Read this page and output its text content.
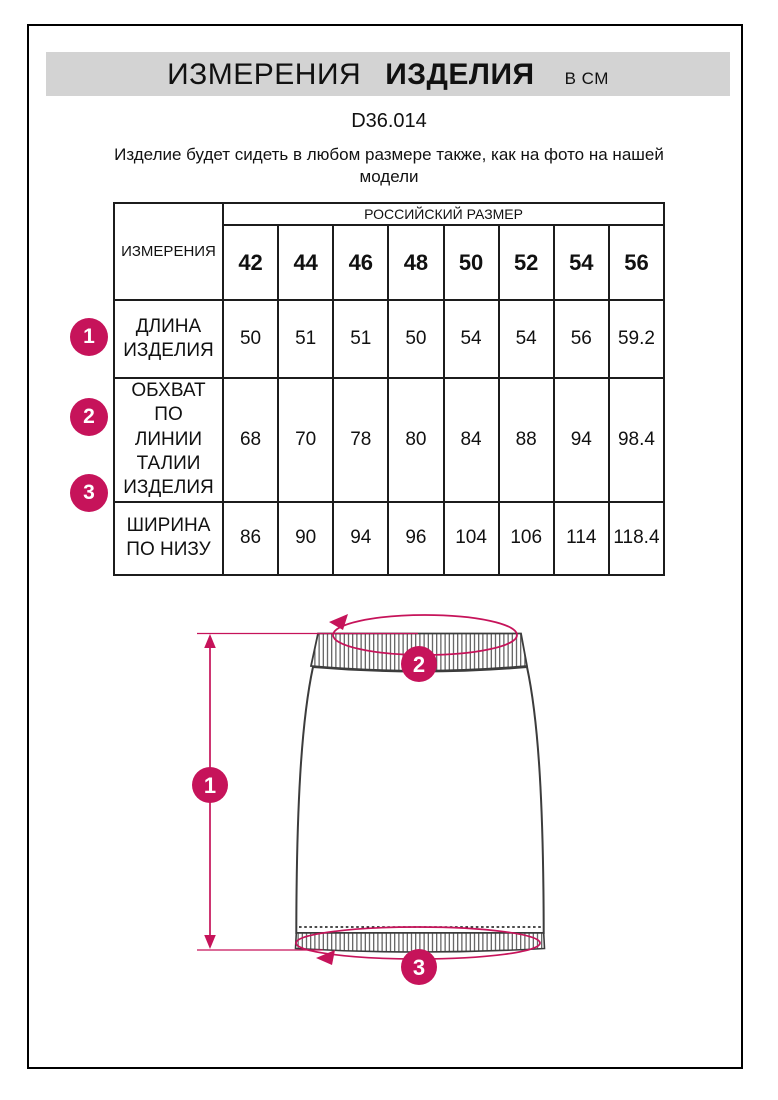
ИЗМЕРЕНИЯ ИЗДЕЛИЯ В СМ
D36.014
Изделие будет сидеть в любом размере также, как на фото на нашей модели
ИЗМЕРЕНИЯ	РОССИЙСКИЙ РАЗМЕР							
	42	44	46	48	50	52	54	56
ДЛИНА ИЗДЕЛИЯ	50	51	51	50	54	54	56	59.2
ОБХВАТ ПО ЛИНИИ ТАЛИИ ИЗДЕЛИЯ	68	70	78	80	84	88	94	98.4
ШИРИНА ПО НИЗУ	86	90	94	96	104	106	114	118.4
1
2
3
1
2
3
